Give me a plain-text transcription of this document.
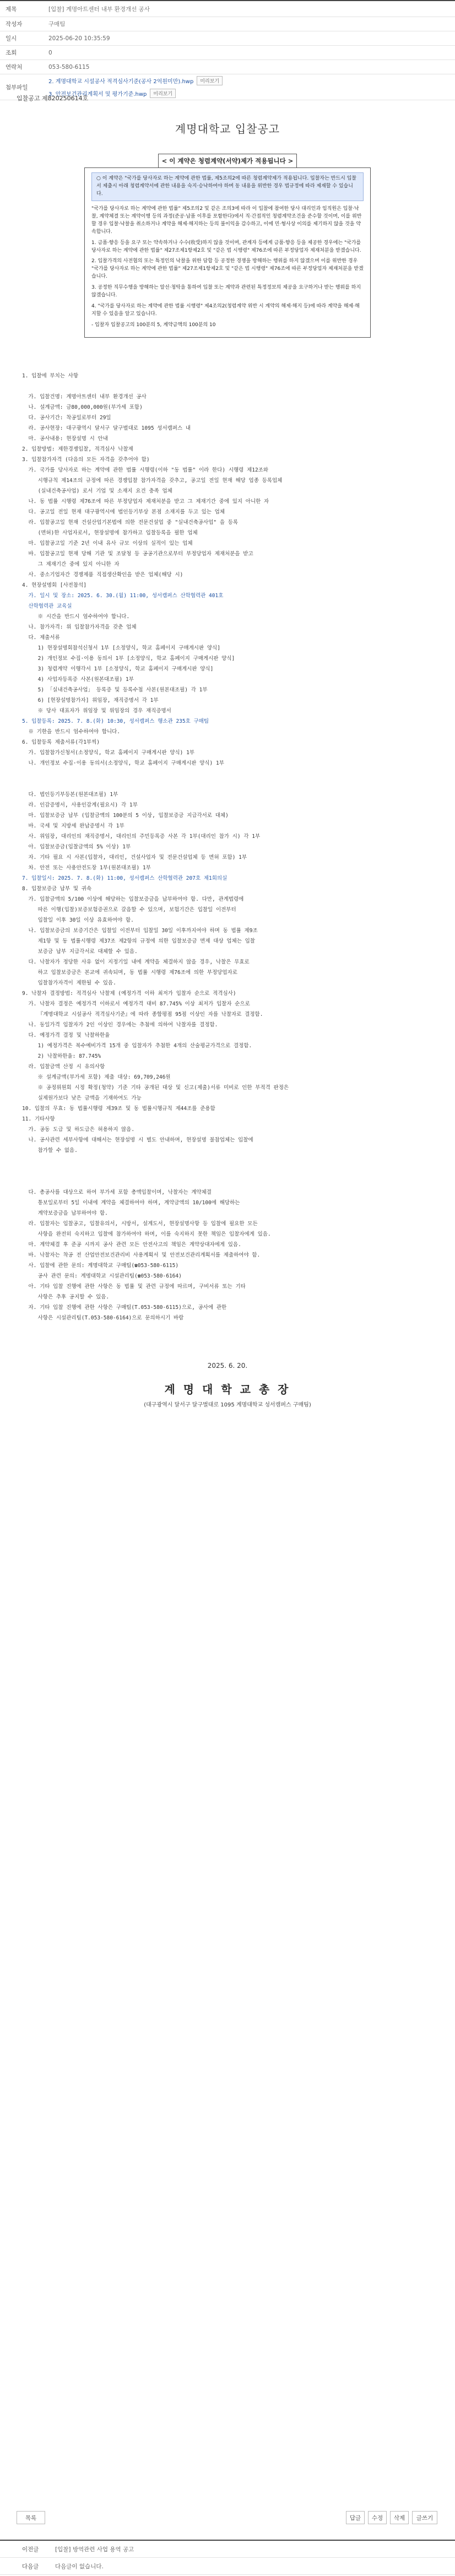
제목	[입찰] 계명아트센터 내부 환경개선 공사
작성자	구매팀
일시	2025-06-20 10:35:59
조회	0
연락처	053-580-6115
첨부파일
2. 계명대학교 시설공사 적격심사기준(공사 2억원미만).hwp	미리보기
3. 안전보건관리계획서 및 평가기준.hwp	미리보기

입찰공고 제820250614호

계명대학교 입찰공고
< 이 계약은 청렴계약(서약)제가 적용됩니다 >
○ 이 계약은 "국가를 당사자로 하는 계약에 관한 법률, 제5조의2에 따른 청렴계약제가 적용됩니다. 입찰자는 반드시 입찰서 제출시 아래 청렴계약서에 관한 내용을 숙지·승낙하여야 하며 동 내용을 위반한 경우 법규정에 따라 제재할 수 있습니다.

"국가를 당사자로 하는 계약에 관한 법률" 제5조의2 및 같은 조의3에 따라 이 입찰에 참여한 당사 대리인과 임직원은 입찰·낙찰, 계약체결 또는 계약이행 등의 과정(준공·납품 이후를 포함한다)에서 직·간접적인 청렴계약조건을 준수할 것이며, 이를 위반할 경우 입찰·낙찰을 취소하거나 계약을 해제·해지하는 등의 불이익을 감수하고, 이에 민·형사상 이의를 제기하지 않을 것을 약속합니다.

1. 금품·향응 등을 요구 또는 약속하거나 수수(收受)하지 않을 것이며, 관계자 등에게 금품·향응 등을 제공한 경우에는 "국가를 당사자로 하는 계약에 관한 법률" 제27조제1항제2호 및 "같은 법 시행령" 제76조에 따른 부정당업자 제재처분을 받겠습니다.

2. 입찰가격의 사전협의 또는 특정인의 낙찰을 위한 담합 등 공정한 경쟁을 방해하는 행위를 하지 않겠으며 이를 위반한 경우 "국가를 당사자로 하는 계약에 관한 법률" 제27조제1항제2호 및 "같은 법 시행령" 제76조에 따른 부정당업자 제재처분을 받겠습니다.

3. 공정한 직무수행을 방해하는 알선·청탁을 통하여 입찰 또는 계약과 관련된 특정정보의 제공을 요구하거나 받는 행위를 하지 않겠습니다.

4. "국가를 당사자로 하는 계약에 관한 법률 시행령" 제4조의2(청렴계약 위반 시 계약의 해제·해지 등)에 따라 계약을 해제·해지할 수 있음을 알고 있습니다.

- 입찰자 입찰공고의 100분의 5, 계약금액의 100분의 10

1. 입찰에 부치는 사항
가. 입찰건명: 계명아트센터 내부 환경개선 공사
나. 설계금액: 금80,000,000원(부가세 포함)
다. 공사기간: 착공일로부터 29일
라. 공사현장: 대구광역시 달서구 달구벌대로 1095 성서캠퍼스 내
마. 공사내용: 현장설명 시 안내
2. 입찰방법: 제한경쟁입찰, 적격심사 낙찰제
3. 입찰참가자격 (다음의 모든 자격을 갖추어야 함)
가. 국가를 당사자로 하는 계약에 관한 법률 시행령(이하 "동 법률" 이라 한다) 시행령 제12조와
시행규칙 제14조의 규정에 따른 경쟁입찰 참가자격을 갖추고, 공고일 전일 현재 해당 업종 등록업체
(실내건축공사업) 로서 기업 및 소재지 요건 충족 업체
나. 동 법률 시행령 제76조에 따른 부정당업자 제재처분을 받고 그 제재기간 중에 있지 아니한 자
다. 공고일 전일 현재 대구광역시에 법인등기부상 본점 소재지를 두고 있는 업체
라. 입찰공고일 현재 건설산업기본법에 의한 전문건설업 중 "실내건축공사업" 을 등록
(면허)한 사업자로서, 현장설명에 참가하고 입찰등록을 필한 업체
마. 입찰공고일 기준 2년 이내 유사 규모 이상의 실적이 있는 업체
바. 입찰공고일 현재 당해 기관 및 조달청 등 공공기관으로부터 부정당업자 제재처분을 받고
그 제재기간 중에 있지 아니한 자
사. 중소기업자간 경쟁제품 직접생산확인을 받은 업체(해당 시)
4. 현장설명회 [사전참석]
가. 일시 및 장소: 2025. 6. 30.(월) 11:00, 성서캠퍼스 산학협력관 401호
산학협력관 교육실
※ 시간을 반드시 엄수하여야 합니다.
나. 참가자격: 위 입찰참가자격을 갖춘 업체
다. 제출서류
1) 현장설명회참석신청서 1부 [소정양식, 학교 홈페이지 구매게시판 양식]
2) 개인정보 수집·이용 동의서 1부 [소정양식, 학교 홈페이지 구매게시판 양식]
3) 청렴계약 이행각서 1부 [소정양식, 학교 홈페이지 구매게시판 양식]
4) 사업자등록증 사본(원본대조필) 1부
5) 「실내건축공사업」 등록증 및 등록수첩 사본(원본대조필) 각 1부
6) [현장설명참가자] 위임장, 재직증명서 각 1부
※ 당사 대표자가 위임장 및 위임장의 경우 재직증명서
5. 입찰등록: 2025. 7. 8.(화) 10:30, 성서캠퍼스 행소관 235호 구매팀
※ 기한을 반드시 엄수하여야 합니다.
6. 입찰등록 제출서류(각1부씩)
가. 입찰참가신청서(소정양식, 학교 홈페이지 구매게시판 양식) 1부
나. 개인정보 수집·이용 동의서(소정양식, 학교 홈페이지 구매게시판 양식) 1부
다. 법인등기부등본(원본대조필) 1부
라. 인감증명서, 사용인감계(필요시) 각 1부
마. 입찰보증금 납부 (입찰금액의 100분의 5 이상, 입찰보증금 지급각서로 대체)
바. 국세 및 지방세 완납증명서 각 1부
사. 위임장, 대리인의 재직증명서, 대리인의 주민등록증 사본 각 1부(대리인 참가 시) 각 1부
아. 입찰보증금(입찰금액의 5% 이상) 1부
자. 기타 필요 시 사본(입찰자, 대리인, 건설사업자 및 전문건설업체 등 면허 포함) 1부
차. 안전 또는 사용안전도장 1부(원본대조필) 1부
7. 입찰일시: 2025. 7. 8.(화) 11:00, 성서캠퍼스 산학협력관 207호 제1회의실
8. 입찰보증금 납부 및 귀속
가. 입찰금액의 5/100 이상에 해당하는 입찰보증금을 납부하여야 함. 다만, 관계법령에
따른 이행(입찰)보증보험증권으로 갈음할 수 있으며, 보험기간은 입찰일 이전부터
입찰일 이후 30일 이상 유효하여야 함.
나. 입찰보증금의 보증기간은 입찰일 이전부터 입찰일 30일 이후까지여야 하며 동 법률 제9조
제1항 및 동 법률시행령 제37조 제2항의 규정에 의한 입찰보증금 면제 대상 업체는 입찰
보증금 납부 지급각서로 대체할 수 있음.
다. 낙찰자가 정당한 사유 없이 지정기일 내에 계약을 체결하지 않을 경우, 낙찰은 무효로
하고 입찰보증금은 본교에 귀속되며, 동 법률 시행령 제76조에 의한 부정당업자로
입찰참가자격이 제한될 수 있음.
9. 낙찰자 결정방법: 적격심사 낙찰제 (예정가격 이하 최저가 입찰자 순으로 적격심사)
가. 낙찰자 결정은 예정가격 이하로서 예정가격 대비 87.745% 이상 최저가 입찰자 순으로
『계명대학교 시설공사 적격심사기준』에 따라 종합평점 95점 이상인 자를 낙찰자로 결정함.
나. 동일가격 입찰자가 2인 이상인 경우에는 추첨에 의하여 낙찰자를 결정함.
다. 예정가격 결정 및 낙찰하한율
1) 예정가격은 복수예비가격 15개 중 입찰자가 추첨한 4개의 산술평균가격으로 결정함.
2) 낙찰하한율: 87.745%
라. 입찰금액 산정 시 유의사항
※ 설계금액(부가세 포함) 제출 대상: 69,709,246원
※ 공정위원회 시정 확정(청약) 기준 기타 공개된 대상 및 신고(제출)서류 미비로 인한 부적격 판정은
실제원가보다 낮은 금액을 기재하여도 가능
10. 입찰의 무효: 동 법률시행령 제39조 및 동 법률시행규칙 제44조를 준용함
11. 기타사항
가. 공동 도급 및 하도급은 허용하지 않음.
나. 공사관련 세부사항에 대해서는 현장설명 시 별도 안내하며, 현장설명 불참업체는 입찰에
참가할 수 없음.
다. 총공사를 대상으로 하여 부가세 포함 총액입찰이며, 낙찰자는 계약체결
통보일로부터 5일 이내에 계약을 체결하여야 하며, 계약금액의 10/100에 해당하는
계약보증금을 납부하여야 함.
라. 입찰자는 입찰공고, 입찰유의서, 시방서, 설계도서, 현장설명사항 등 입찰에 필요한 모든
사항을 완전히 숙지하고 입찰에 참가하여야 하며, 이를 숙지하지 못한 책임은 입찰자에게 있음.
마. 계약체결 후 준공 시까지 공사 관련 모든 안전사고의 책임은 계약상대자에게 있음.
바. 낙찰자는 착공 전 산업안전보건관리비 사용계획서 및 안전보건관리계획서를 제출하여야 함.
사. 입찰에 관한 문의: 계명대학교 구매팀(☎053-580-6115)
공사 관련 문의: 계명대학교 시설관리팀(☎053-580-6164)
아. 기타 입찰 진행에 관한 사항은 동 법률 및 관련 규정에 따르며, 구비서류 또는 기타
사항은 추후 공지할 수 있음.
자. 기타 입찰 진행에 관한 사항은 구매팀(T.053-580-6115)으로, 공사에 관한
사항은 시설관리팀(T.053-580-6164)으로 문의하시기 바람
2025. 6. 20.
계 명 대 학 교 총 장
(대구광역시 달서구 달구벌대로 1095 계명대학교 성서캠퍼스 구매팀)
목록	답글	수정	삭제	글쓰기
이전글	[입찰] 방역관련 사업 용역 공고
다음글	다음글이 없습니다.
